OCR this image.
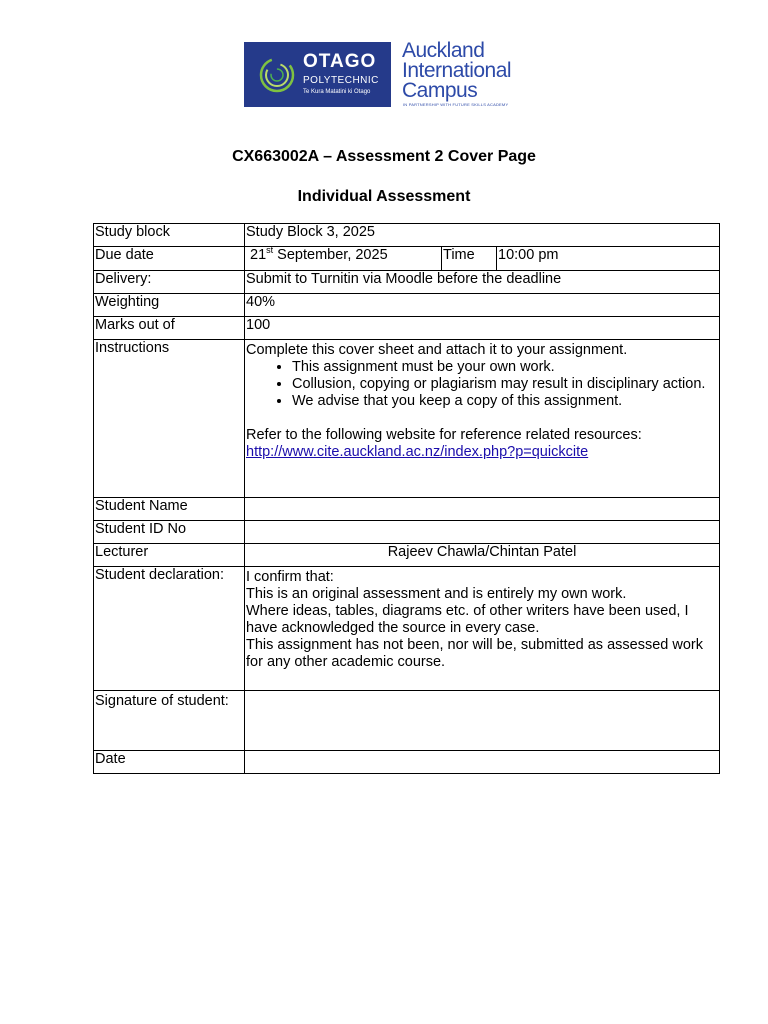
OTAGO
POLYTECHNIC
Te Kura Matatini ki Otago
Auckland
International
Campus
IN PARTNERSHIP WITH FUTURE SKILLS ACADEMY
CX663002A – Assessment 2 Cover Page
Individual Assessment
Study block	Study Block 3, 2025
Due date		21st September, 2025	Time	10:00 pm

Delivery:	Submit to Turnitin via Moodle before the deadline
Weighting	40%
Marks out of	100
Instructions	Complete this cover sheet and attach it to your assignment.
• This assignment must be your own work.
• Collusion, copying or plagiarism may result in disciplinary action.
• We advise that you keep a copy of this assignment.
Refer to the following website for reference related resources:
http://www.cite.auckland.ac.nz/index.php?p=quickcite
Student Name	
Student ID No	
Lecturer	Rajeev Chawla/Chintan Patel
Student declaration:	I confirm that:
This is an original assessment and is entirely my own work.
Where ideas, tables, diagrams etc. of other writers have been used, I have acknowledged the source in every case.
This assignment has not been, nor will be, submitted as assessed work for any other academic course.

Signature of student:	
Date	
